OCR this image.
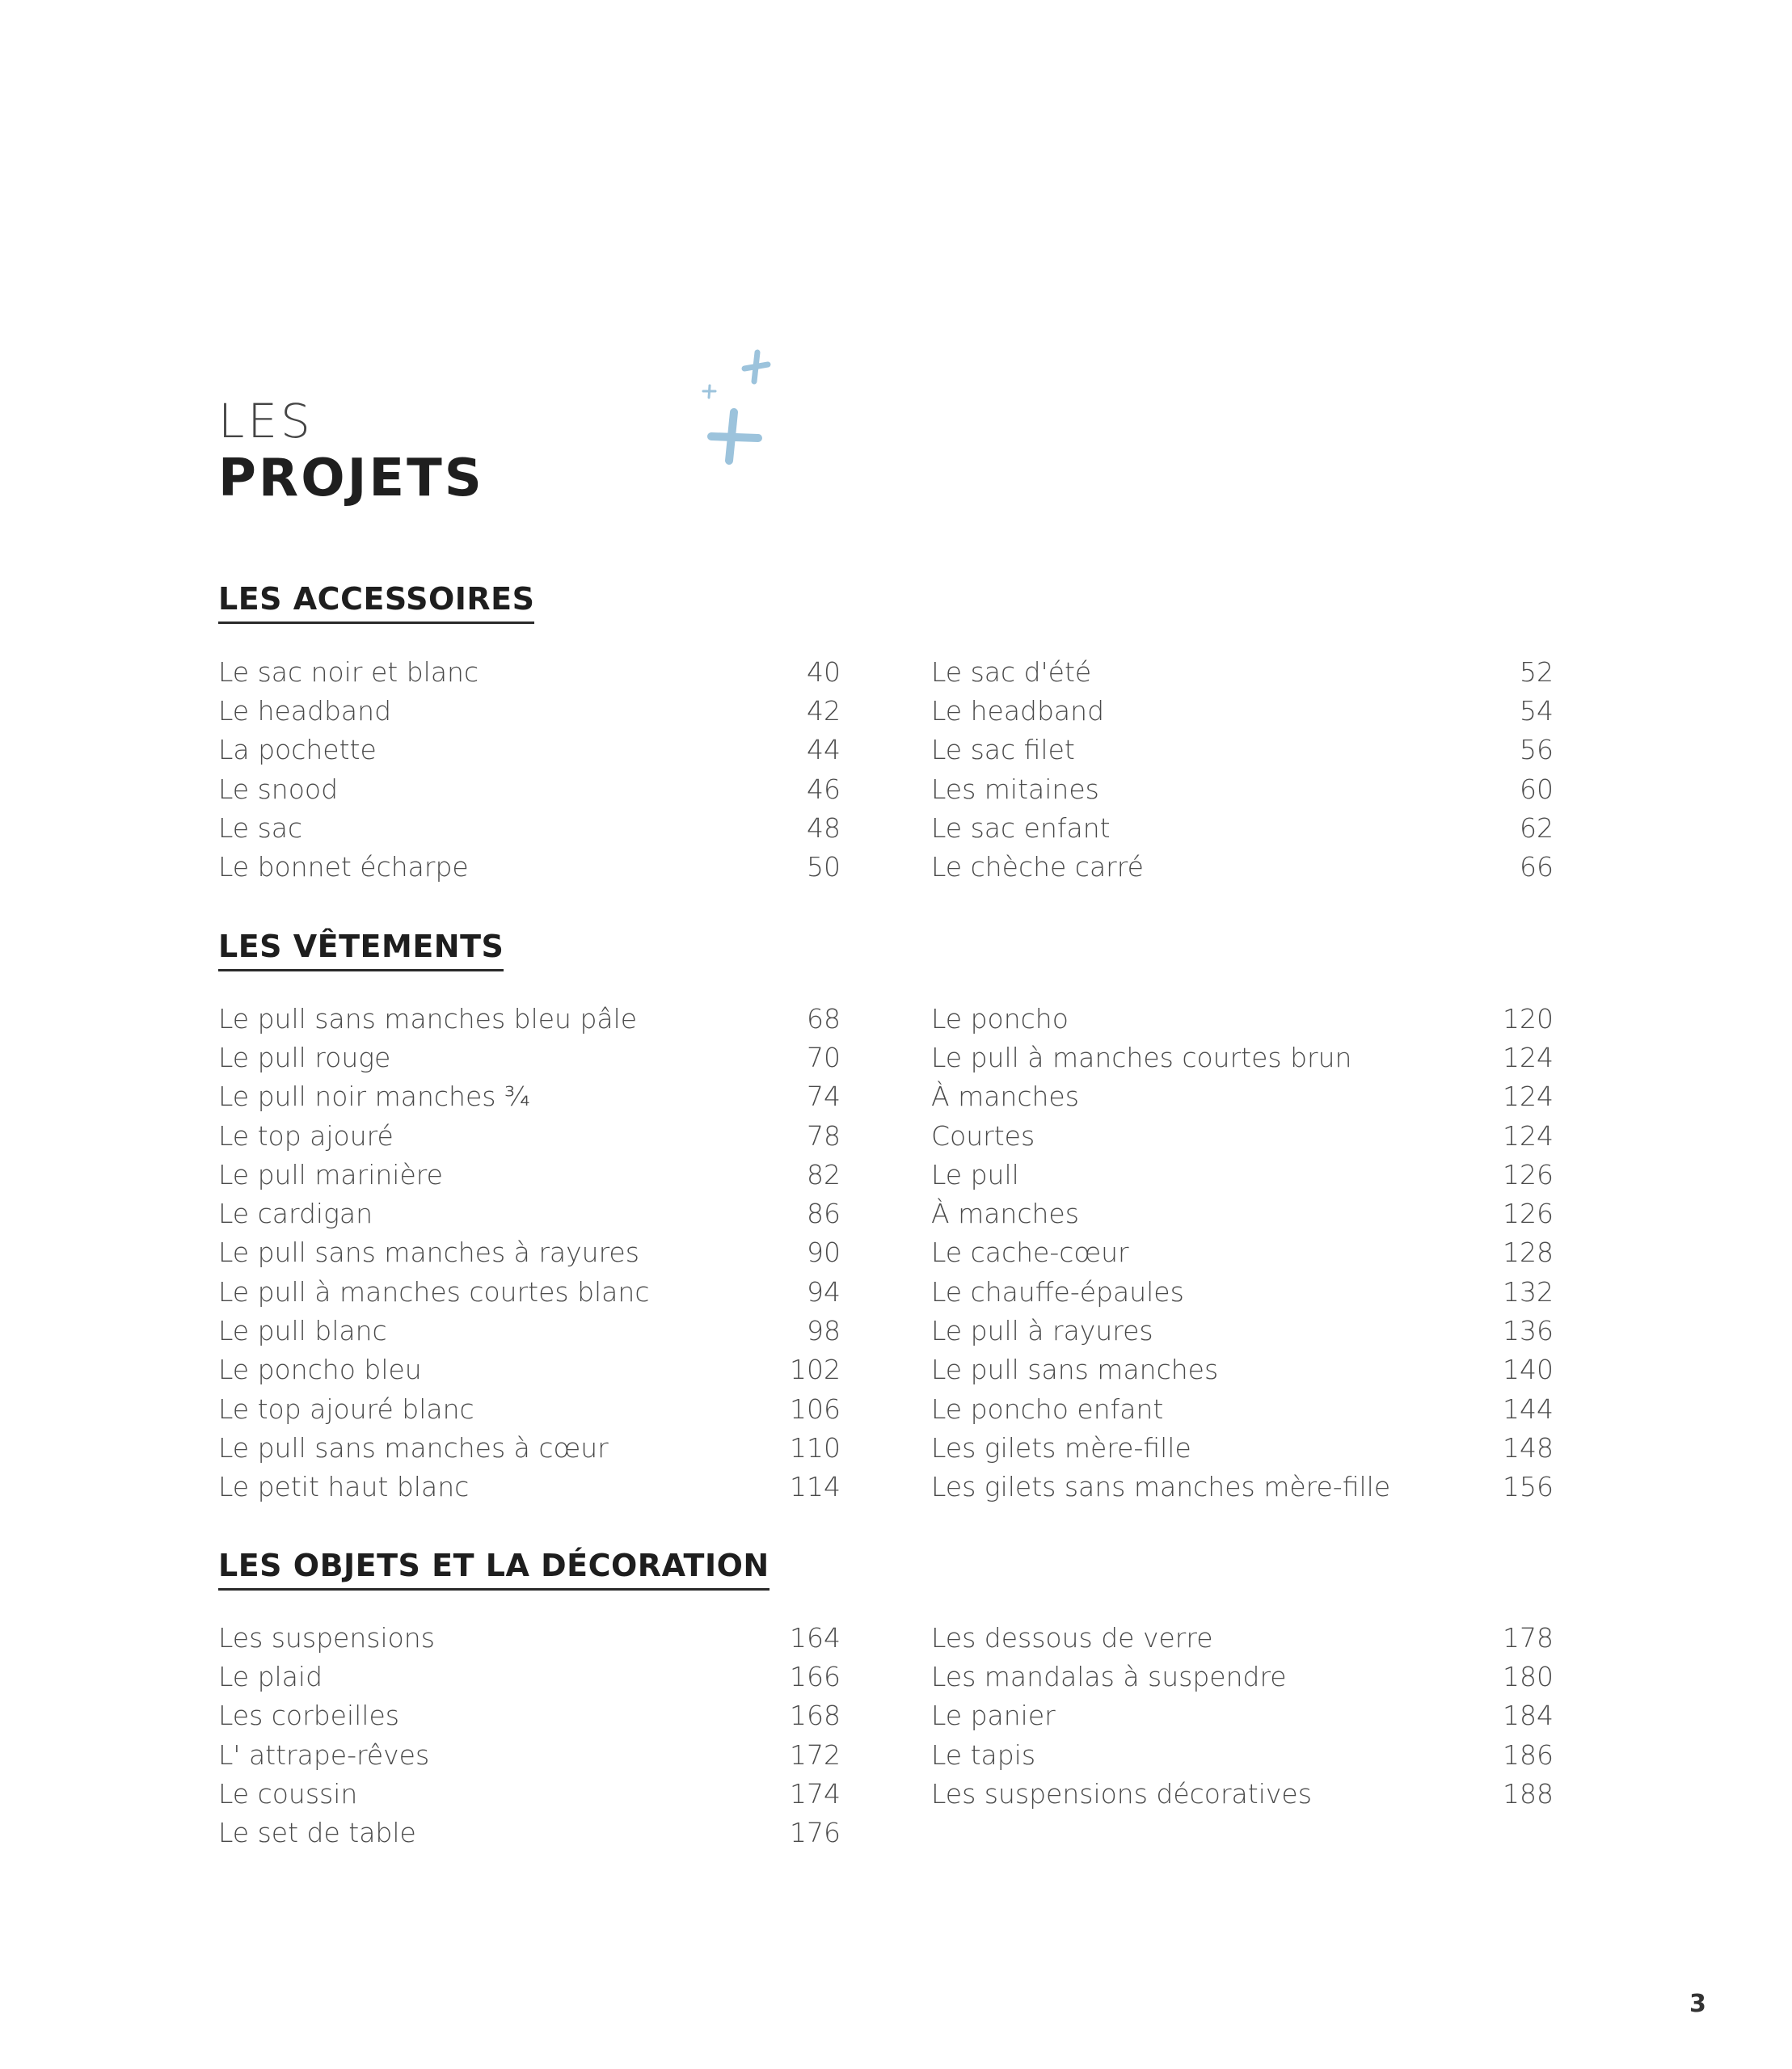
LES
PROJETS
LES ACCESSOIRES
Le sac noir et blanc	40
Le headband	42
La pochette	44
Le snood	46
Le sac	48
Le bonnet écharpe	50
Le sac d'été	52
Le headband	54
Le sac filet	56
Les mitaines	60
Le sac enfant	62
Le chèche carré	66
LES VÊTEMENTS
Le pull sans manches bleu pâle	68
Le pull rouge	70
Le pull noir manches ¾	74
Le top ajouré	78
Le pull marinière	82
Le cardigan	86
Le pull sans manches à rayures	90
Le pull à manches courtes blanc	94
Le pull blanc	98
Le poncho bleu	102
Le top ajouré blanc	106
Le pull sans manches à cœur	110
Le petit haut blanc	114
Le poncho	120
Le pull à manches courtes brun	124
À manches	124
Courtes	124
Le pull	126
À manches	126
Le cache-cœur	128
Le chauffe-épaules	132
Le pull à rayures	136
Le pull sans manches	140
Le poncho enfant	144
Les gilets mère-fille	148
Les gilets sans manches mère-fille	156
LES OBJETS ET LA DÉCORATION
Les suspensions	164
Le plaid	166
Les corbeilles	168
L' attrape-rêves	172
Le coussin	174
Le set de table	176
Les dessous de verre	178
Les mandalas à suspendre	180
Le panier	184
Le tapis	186
Les suspensions décoratives	188
3
